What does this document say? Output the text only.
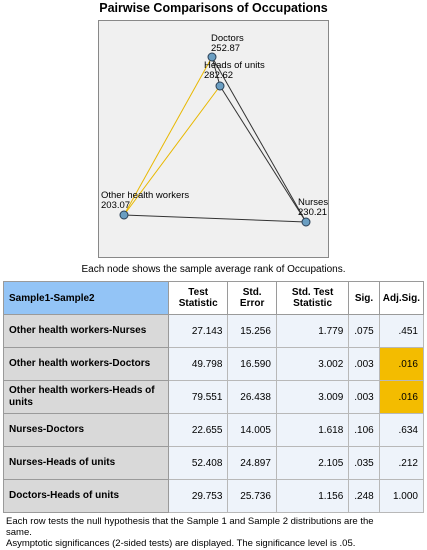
Pairwise Comparisons of Occupations
Doctors
252.87
Heads of units
282.62
Other health workers
203.07	Nurses
230.21
Each node shows the sample average rank of Occupations.
Sample1-Sample2	Test Statistic	Std. Error	Std. Test Statistic	Sig.	Adj.Sig.
Other health workers-Nurses	27.143	15.256	1.779	.075	.451
Other health workers-Doctors	49.798	16.590	3.002	.003	.016
Other health workers-Heads of units	79.551	26.438	3.009	.003	.016
Nurses-Doctors	22.655	14.005	1.618	.106	.634
Nurses-Heads of units	52.408	24.897	2.105	.035	.212
Doctors-Heads of units	29.753	25.736	1.156	.248	1.000
Each row tests the null hypothesis that the Sample 1 and Sample 2 distributions are the
same.
Asymptotic significances (2-sided tests) are displayed. The significance level is .05.
